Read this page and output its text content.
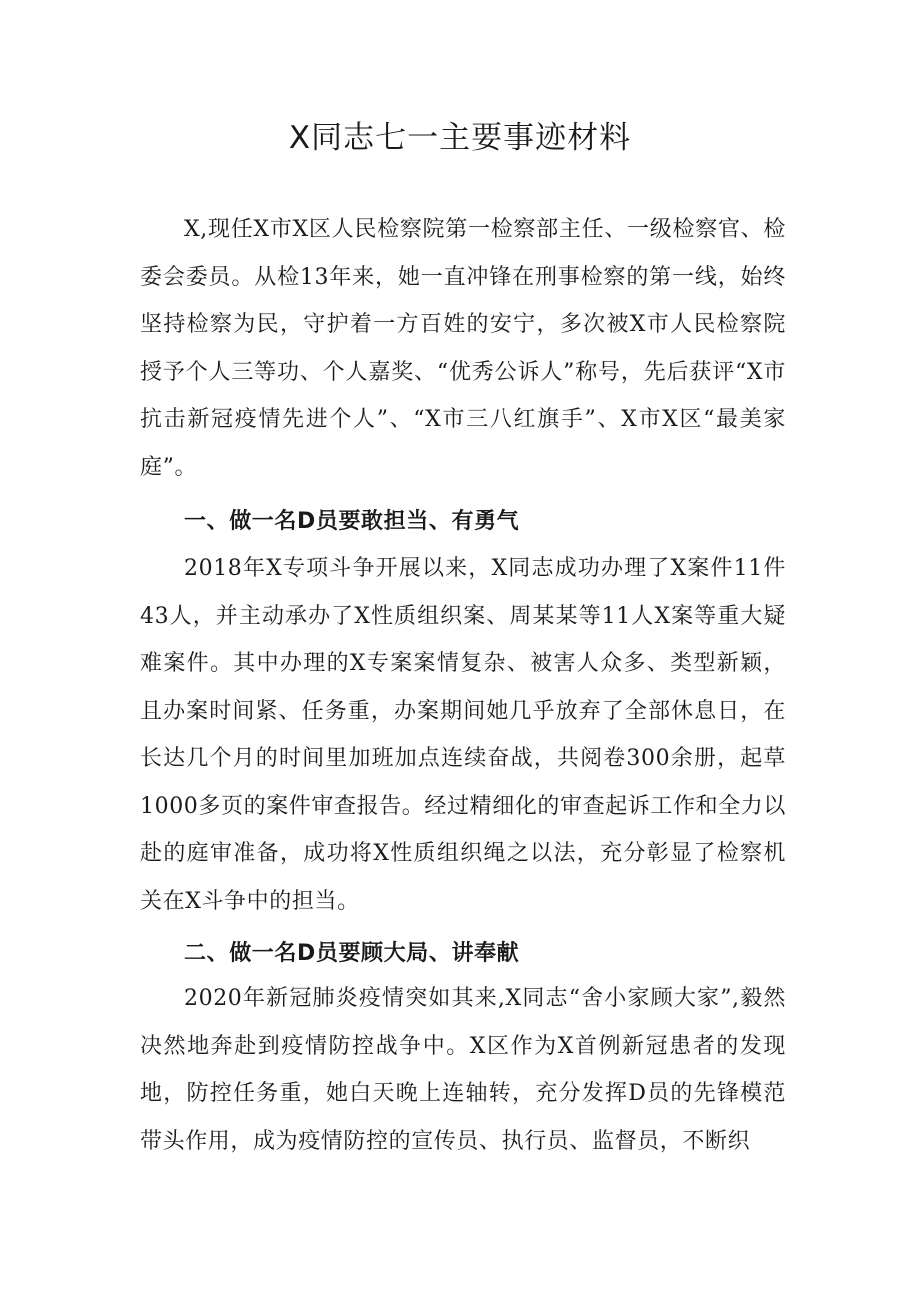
X同志七一主要事迹材料

X,现任X市X区人民检察院第一检察部主任、一级检察官、检委会委员。从检13年来，她一直冲锋在刑事检察的第一线，始终坚持检察为民，守护着一方百姓的安宁，多次被X市人民检察院授予个人三等功、个人嘉奖、“优秀公诉人”称号，先后获评“X市抗击新冠疫情先进个人”、“X市三八红旗手”、X市X区“最美家庭”。

一、做一名D员要敢担当、有勇气

2018年X专项斗争开展以来，X同志成功办理了X案件11件43人，并主动承办了X性质组织案、周某某等11人X案等重大疑难案件。其中办理的X专案案情复杂、被害人众多、类型新颖，且办案时间紧、任务重，办案期间她几乎放弃了全部休息日，在长达几个月的时间里加班加点连续奋战，共阅卷300余册，起草1000多页的案件审查报告。经过精细化的审查起诉工作和全力以赴的庭审准备，成功将X性质组织绳之以法，充分彰显了检察机关在X斗争中的担当。

二、做一名D员要顾大局、讲奉献

2020年新冠肺炎疫情突如其来,X同志“舍小家顾大家”,毅然决然地奔赴到疫情防控战争中。X区作为X首例新冠患者的发现地，防控任务重，她白天晚上连轴转，充分发挥D员的先锋模范带头作用，成为疫情防控的宣传员、执行员、监督员，不断织
